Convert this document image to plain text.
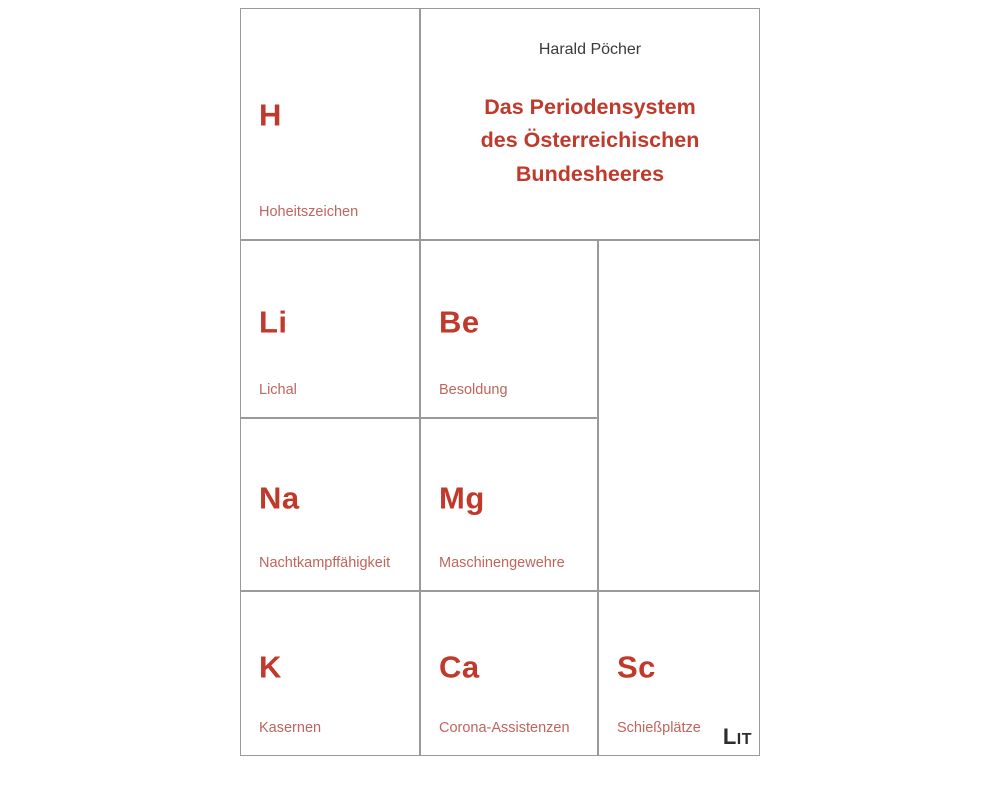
H
Hoheitszeichen
Harald Pöcher
Das Periodensystem
des Österreichischen
Bundesheeres
Li
Lichal
Be
Besoldung
Na
Nachtkampffähigkeit
Mg
Maschinengewehre
K
Kasernen
Ca
Corona-Assistenzen
Sc
Schießplätze LIT
